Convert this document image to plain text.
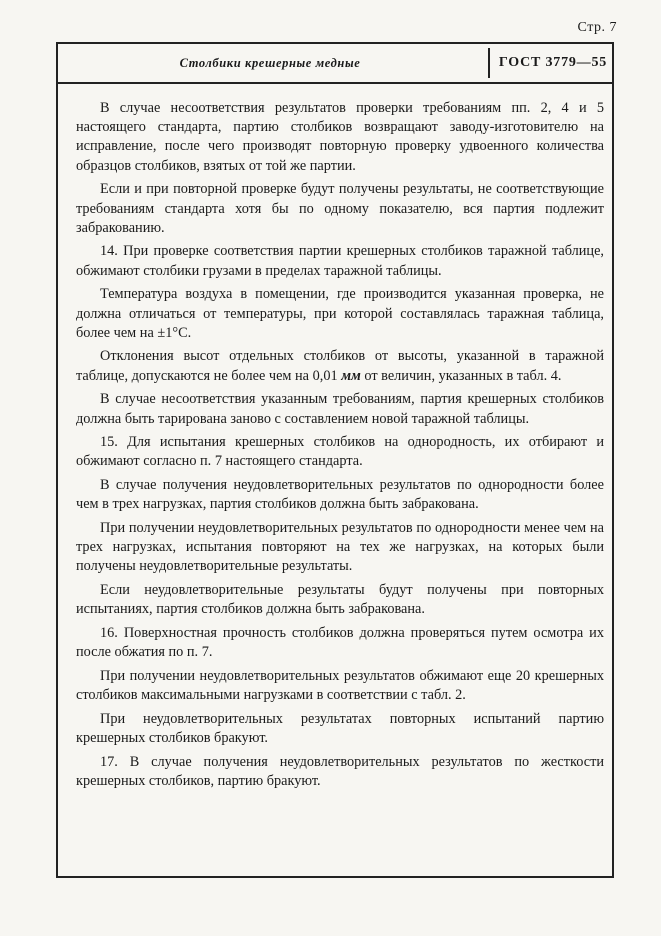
Стр. 7
Столбики крешерные медные	ГОСТ 3779—55

В случае несоответствия результатов проверки требованиям пп. 2, 4 и 5 настоящего стандарта, партию столбиков возвращают заводу-изготовителю на исправление, после чего производят повторную проверку удвоенного количества образцов столбиков, взятых от той же партии.

Если и при повторной проверке будут получены результаты, не соответствующие требованиям стандарта хотя бы по одному показателю, вся партия подлежит забракованию.

14. При проверке соответствия партии крешерных столбиков таражной таблице, обжимают столбики грузами в пределах таражной таблицы.

Температура воздуха в помещении, где производится указанная проверка, не должна отличаться от температуры, при которой составлялась таражная таблица, более чем на ±1°С.

Отклонения высот отдельных столбиков от высоты, указанной в таражной таблице, допускаются не более чем на 0,01 мм от величин, указанных в табл. 4.

В случае несоответствия указанным требованиям, партия крешерных столбиков должна быть тарирована заново с составлением новой таражной таблицы.

15. Для испытания крешерных столбиков на однородность, их отбирают и обжимают согласно п. 7 настоящего стандарта.

В случае получения неудовлетворительных результатов по однородности более чем в трех нагрузках, партия столбиков должна быть забракована.

При получении неудовлетворительных результатов по однородности менее чем на трех нагрузках, испытания повторяют на тех же нагрузках, на которых были получены неудовлетворительные результаты.

Если неудовлетворительные результаты будут получены при повторных испытаниях, партия столбиков должна быть забракована.

16. Поверхностная прочность столбиков должна проверяться путем осмотра их после обжатия по п. 7.

При получении неудовлетворительных результатов обжимают еще 20 крешерных столбиков максимальными нагрузками в соответствии с табл. 2.

При неудовлетворительных результатах повторных испытаний партию крешерных столбиков бракуют.

17. В случае получения неудовлетворительных результатов по жесткости крешерных столбиков, партию бракуют.
